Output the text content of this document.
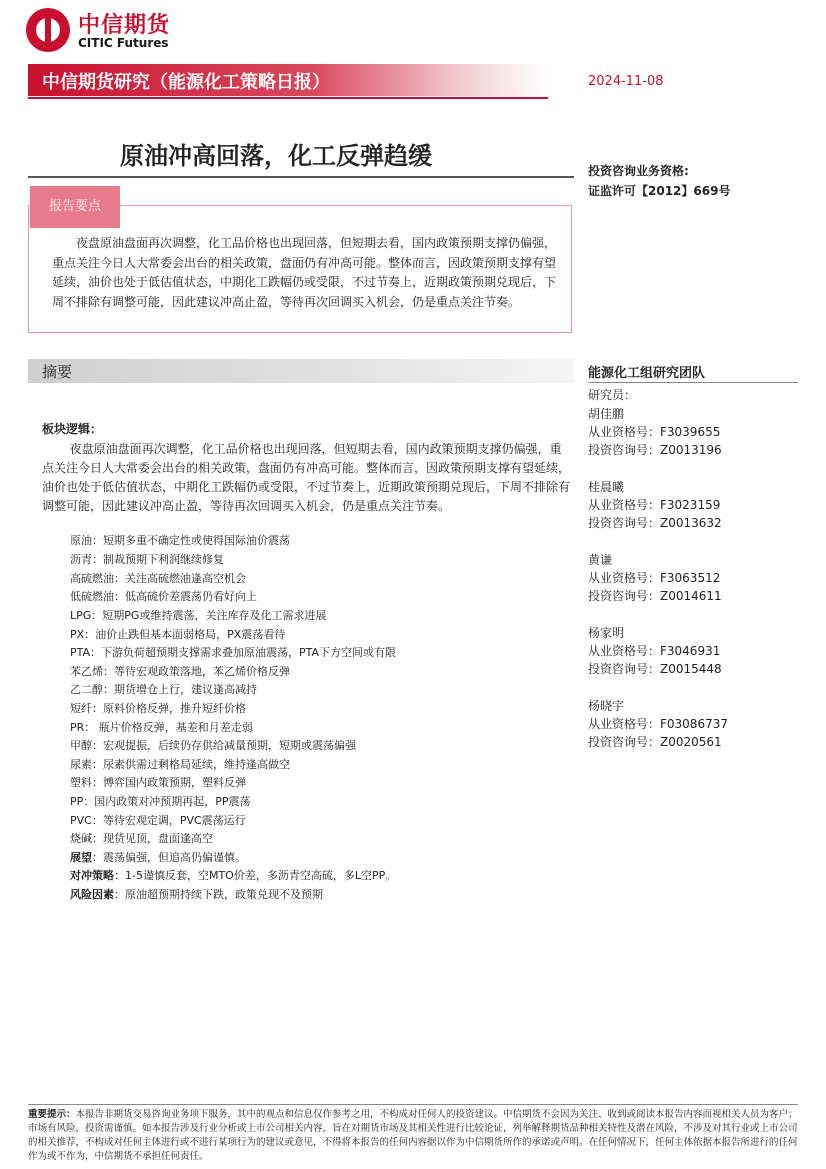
中信期货
CITIC Futures
中信期货研究（能源化工策略日报）	2024-11-08
原油冲高回落，化工反弹趋缓
投资咨询业务资格:
证监许可【2012】669号
报告要点
夜盘原油盘面再次调整，化工品价格也出现回落，但短期去看，国内政策预期支撑仍偏强，重点关注今日人大常委会出台的相关政策，盘面仍有冲高可能。整体而言，因政策预期支撑有望延续，油价也处于低估值状态，中期化工跌幅仍或受限，不过节奏上，近期政策预期兑现后，下周不排除有调整可能，因此建议冲高止盈，等待再次回调买入机会，仍是重点关注节奏。
摘要	能源化工组研究团队
研究员：
胡佳鹏
从业资格号：F3039655
投资咨询号：Z0013196
桂晨曦
从业资格号：F3023159
投资咨询号：Z0013632
黄谦
从业资格号：F3063512
投资咨询号：Z0014611
杨家明
从业资格号：F3046931
投资咨询号：Z0015448
杨晓宇
从业资格号：F03086737
投资咨询号：Z0020561
板块逻辑：
夜盘原油盘面再次调整，化工品价格也出现回落，但短期去看，国内政策预期支撑仍偏强，重点关注今日人大常委会出台的相关政策，盘面仍有冲高可能。整体而言，因政策预期支撑有望延续，油价也处于低估值状态，中期化工跌幅仍或受限，不过节奏上，近期政策预期兑现后，下周不排除有调整可能，因此建议冲高止盈，等待再次回调买入机会，仍是重点关注节奏。
原油：短期多重不确定性或使得国际油价震荡
沥青：制裁预期下利润继续修复
高硫燃油：关注高硫燃油逢高空机会
低硫燃油：低高硫价差震荡仍看好向上
LPG：短期PG或维持震荡，关注库存及化工需求进展
PX：油价止跌但基本面弱格局，PX震荡看待
PTA：下游负荷超预期支撑需求叠加原油震荡，PTA下方空间或有限
苯乙烯：等待宏观政策落地，苯乙烯价格反弹
乙二醇：期货增仓上行，建议逢高减持
短纤：原料价格反弹，推升短纤价格
PR： 瓶片价格反弹，基差和月差走弱
甲醇：宏观提振，后续仍存供给减量预期，短期或震荡偏强
尿素：尿素供需过剩格局延续，维持逢高做空
塑料：博弈国内政策预期，塑料反弹
PP：国内政策对冲预期再起，PP震荡
PVC：等待宏观定调，PVC震荡运行
烧碱：现货见顶，盘面逢高空
展望：震荡偏强，但追高仍偏谨慎。
对冲策略：1-5谨慎反套，空MTO价差，多沥青空高硫，多L空PP。
风险因素：原油超预期持续下跌，政策兑现不及预期
重要提示：本报告非期货交易咨询业务项下服务，其中的观点和信息仅作参考之用，不构成对任何人的投资建议。中信期货不会因为关注、收到或阅读本报告内容而视相关人员为客户；市场有风险，投资需谨慎。如本报告涉及行业分析或上市公司相关内容，旨在对期货市场及其相关性进行比较论证，列举解释期货品种相关特性及潜在风险，不涉及对其行业或上市公司的相关推荐，不构成对任何主体进行或不进行某项行为的建议或意见，不得将本报告的任何内容据以作为中信期货所作的承诺或声明。在任何情况下，任何主体依据本报告所进行的任何作为或不作为，中信期货不承担任何责任。
